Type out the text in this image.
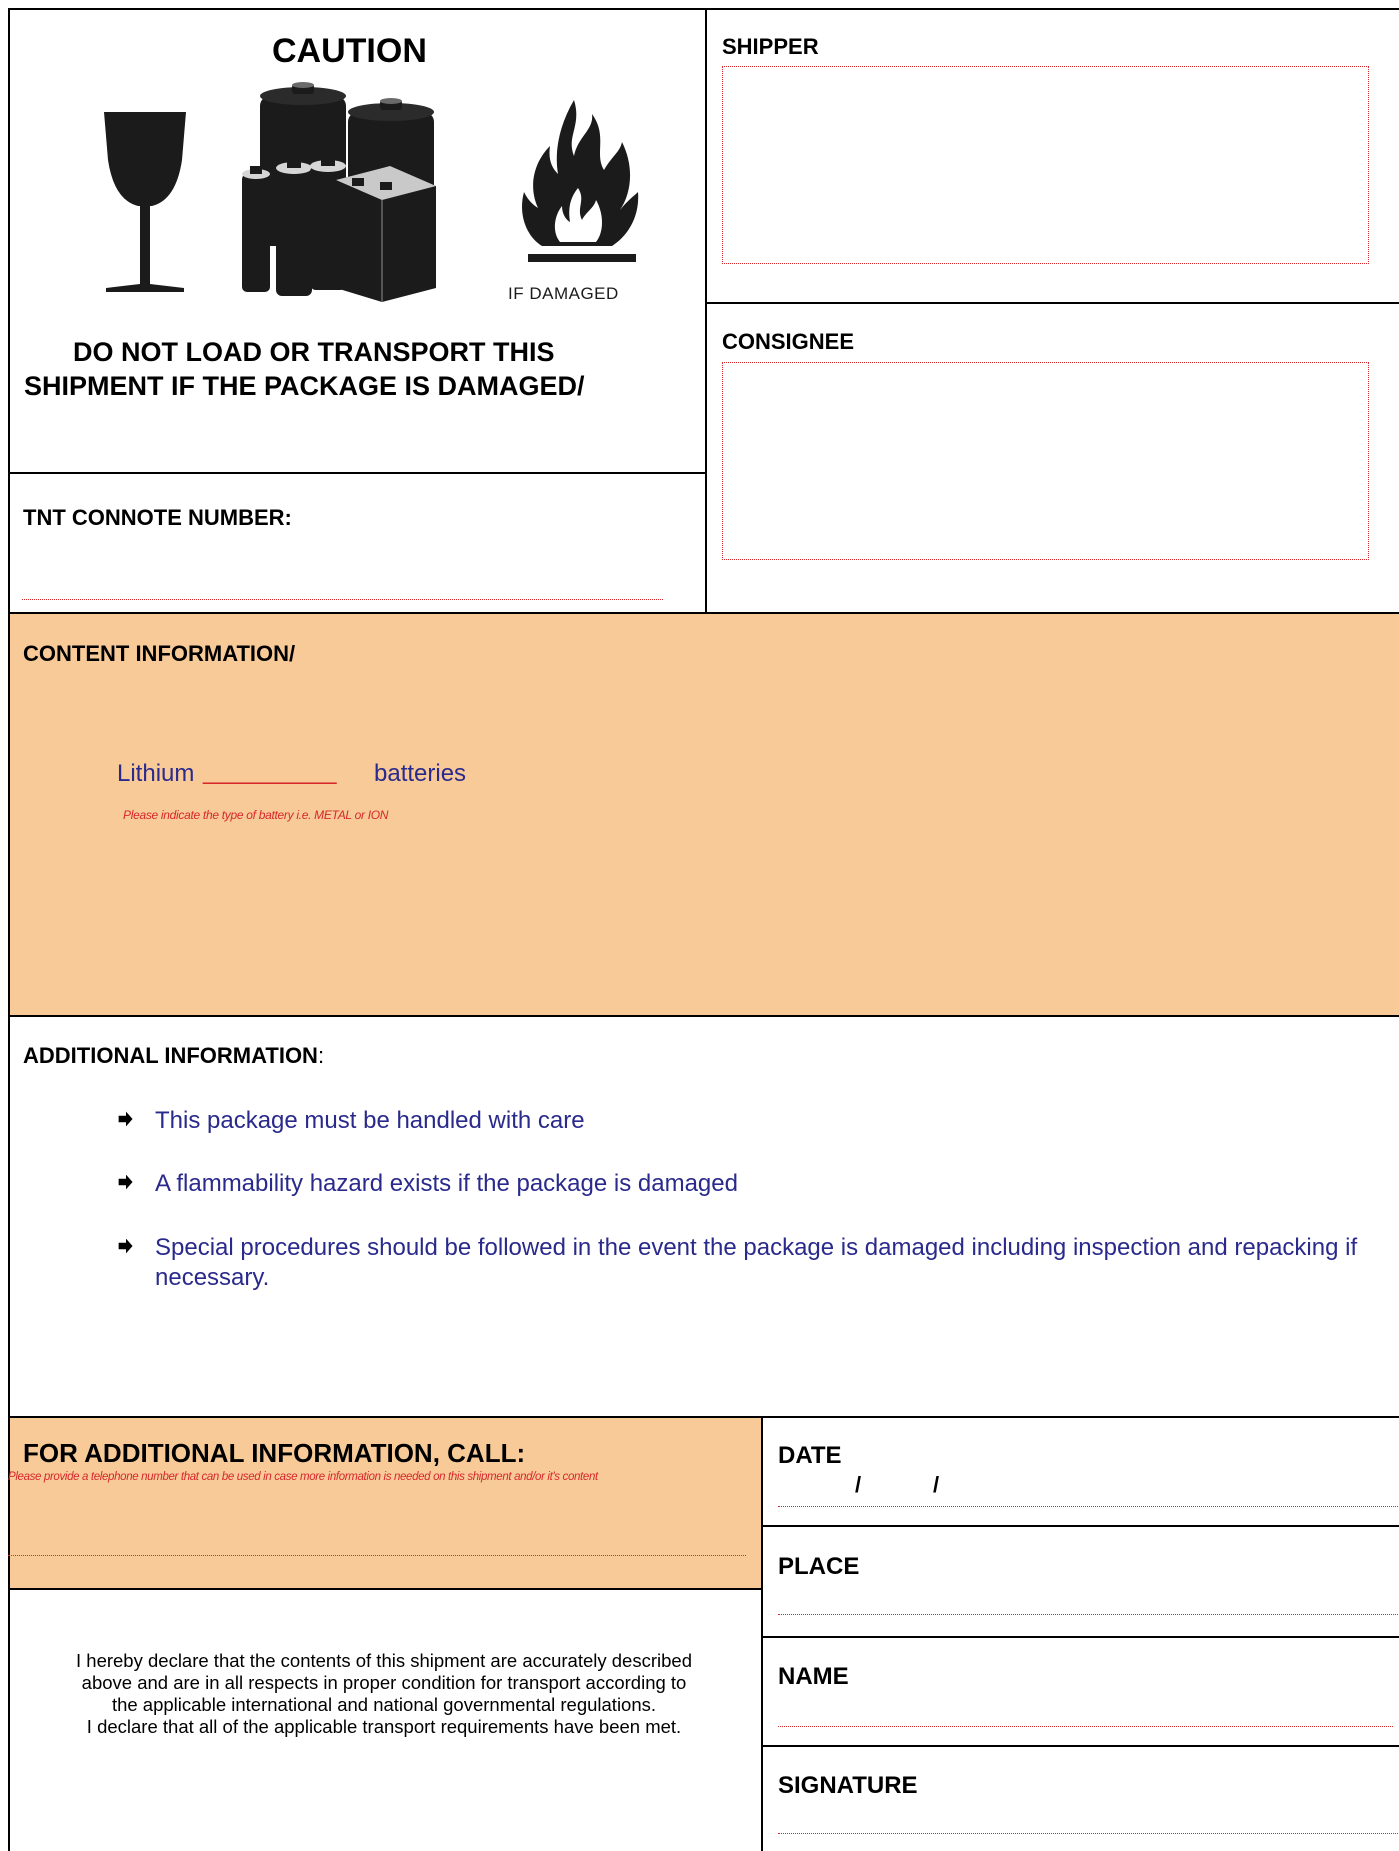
CAUTION
IF DAMAGED
DO NOT LOAD OR TRANSPORT THIS
SHIPMENT IF THE PACKAGE IS DAMAGED/
TNT CONNOTE NUMBER:
SHIPPER
CONSIGNEE
CONTENT INFORMATION/
Lithium __________ batteries
Please indicate the type of battery i.e. METAL or ION
ADDITIONAL INFORMATION:
This package must be handled with care
A flammability hazard exists if the package is damaged
Special procedures should be followed in the event the package is damaged including inspection and repacking if necessary.
FOR ADDITIONAL INFORMATION, CALL:
Please provide a telephone number that can be used in case more information is needed on this shipment and/or it's content
I hereby declare that the contents of this shipment are accurately described
above and are in all respects in proper condition for transport according to
the applicable international and national governmental regulations.
I declare that all of the applicable transport requirements have been met.
DATE
/	/
PLACE
NAME
SIGNATURE
